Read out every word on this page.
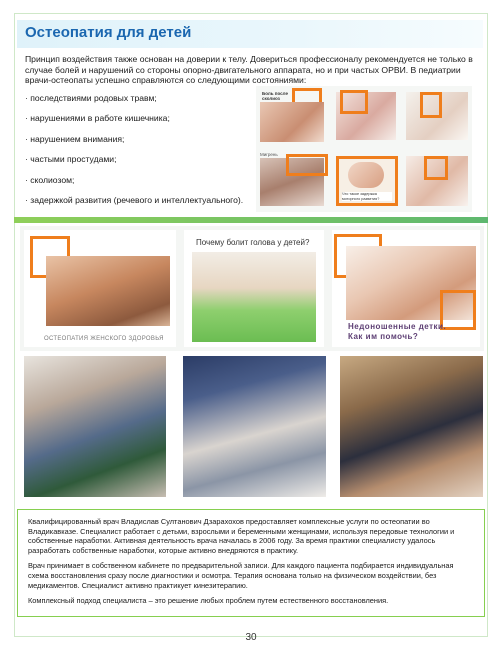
Остеопатия для детей

Принцип воздействия также основан на доверии к телу. Довериться профессионалу рекомендуется не только в случае болей и нарушений со стороны опорно-двигательного аппарата, но и при частых ОРВИ. В педиатрии врачи-остеопаты успешно справляются со следующими состояниями:

· последствиями родовых травм;
· нарушениями в работе кишечника;
· нарушением внимания;
· частыми простудами;
· сколиозом;
· задержкой развития (речевого и интеллектуального).
Боль после сколиоз
Мигрень
Что такое задержка моторного развития?
ОСТЕОПАТИЯ ЖЕНСКОГО ЗДОРОВЬЯ
Почему болит голова у детей?
Недоношенные детки.
Как им помочь?

Квалифицированный врач Владислав Султанович Дзарахохов предоставляет комплексные услуги по остеопатии во Владикавказе. Специалист работает с детьми, взрослыми и беременными женщинами, используя передовые технологии и собственные наработки. Активная деятельность врача началась в 2006 году. За время практики специалисту удалось разработать собственные наработки, которые активно внедряются в практику.

Врач принимает в собственном кабинете по предварительной записи. Для каждого пациента подбирается индивидуальная схема восстановления сразу после диагностики и осмотра. Терапия основана только на физическом воздействии, без медикаментов. Специалист активно практикует кинезитерапию.

Комплексный подход специалиста – это решение любых проблем путем естественного восстановления.

30
